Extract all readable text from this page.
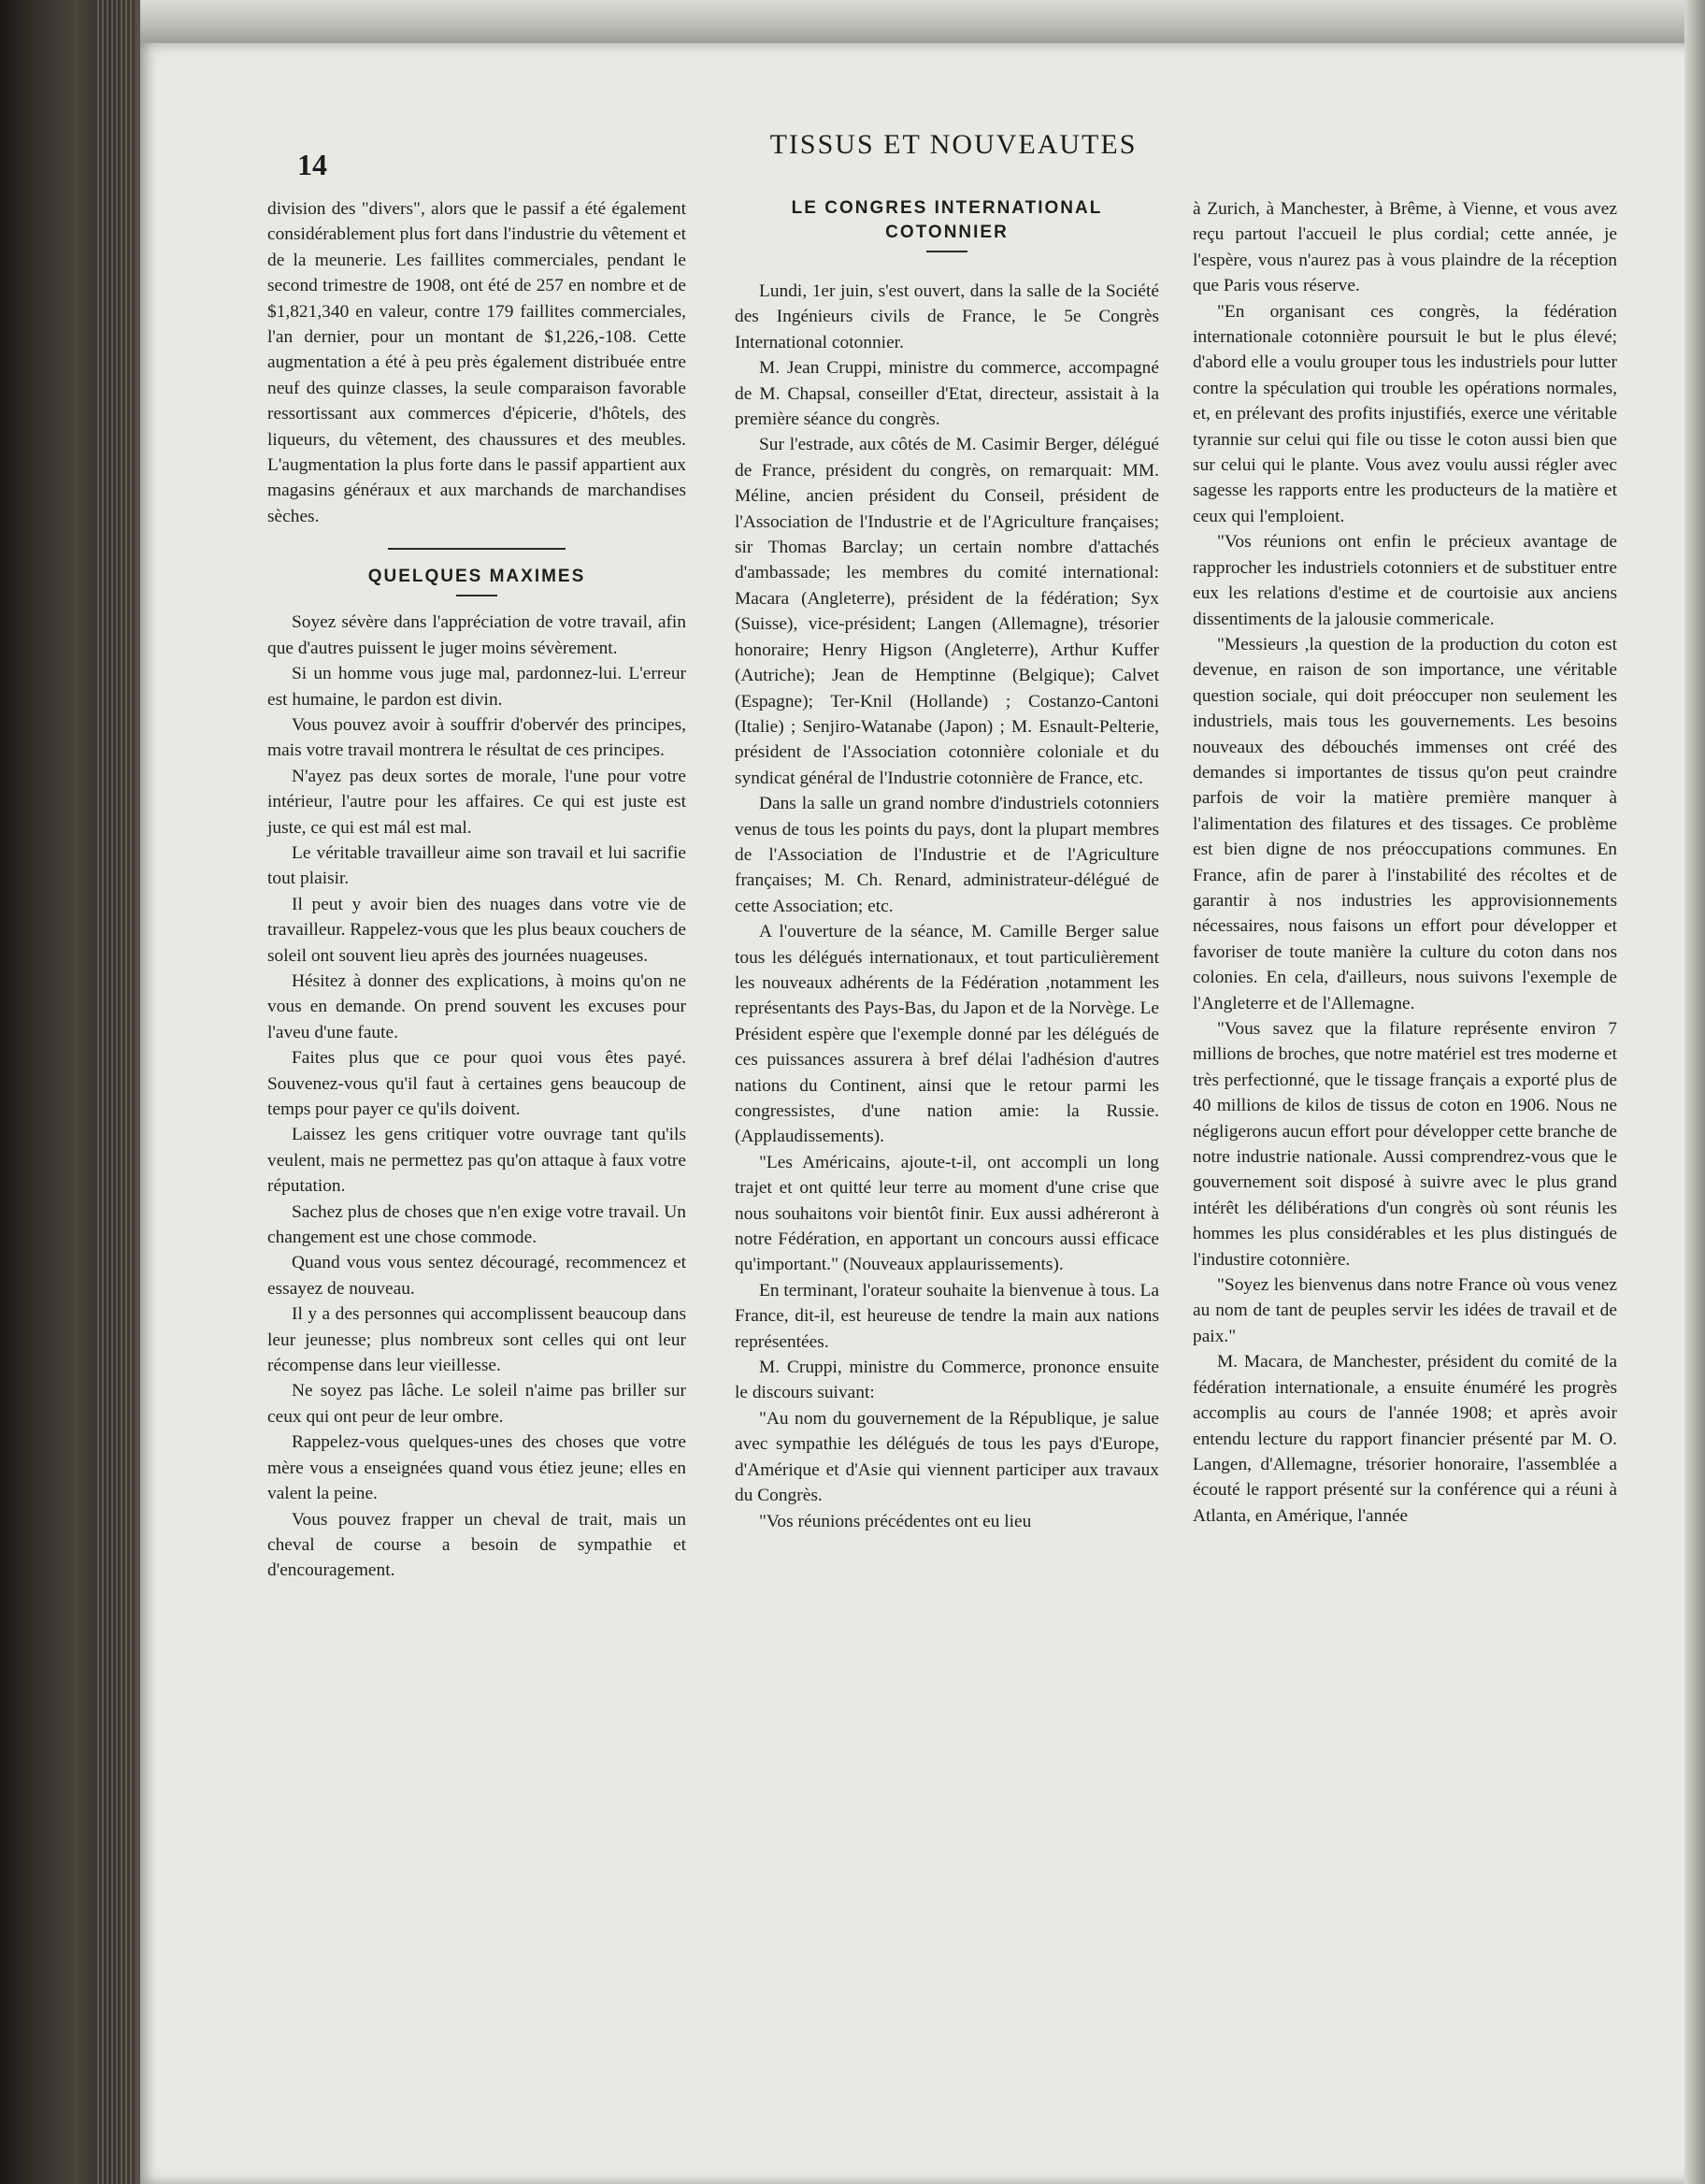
14
TISSUS ET NOUVEAUTES

division des "divers", alors que le passif a été également considérablement plus fort dans l'industrie du vêtement et de la meunerie. Les faillites commerciales, pendant le second trimestre de 1908, ont été de 257 en nombre et de $1,821,340 en valeur, contre 179 faillites commerciales, l'an dernier, pour un montant de $1,226,-108. Cette augmentation a été à peu près également distribuée entre neuf des quinze classes, la seule comparaison favorable ressortissant aux commerces d'épicerie, d'hôtels, des liqueurs, du vêtement, des chaussures et des meubles. L'augmentation la plus forte dans le passif appartient aux magasins généraux et aux marchands de marchandises sèches.

QUELQUES MAXIMES

Soyez sévère dans l'appréciation de votre travail, afin que d'autres puissent le juger moins sévèrement.

Si un homme vous juge mal, pardonnez-lui. L'erreur est humaine, le pardon est divin.

Vous pouvez avoir à souffrir d'obervér des principes, mais votre travail montrera le résultat de ces principes.

N'ayez pas deux sortes de morale, l'une pour votre intérieur, l'autre pour les affaires. Ce qui est juste est juste, ce qui est mál est mal.

Le véritable travailleur aime son travail et lui sacrifie tout plaisir.

Il peut y avoir bien des nuages dans votre vie de travailleur. Rappelez-vous que les plus beaux couchers de soleil ont souvent lieu après des journées nuageuses.

Hésitez à donner des explications, à moins qu'on ne vous en demande. On prend souvent les excuses pour l'aveu d'une faute.

Faites plus que ce pour quoi vous êtes payé. Souvenez-vous qu'il faut à certaines gens beaucoup de temps pour payer ce qu'ils doivent.

Laissez les gens critiquer votre ouvrage tant qu'ils veulent, mais ne permettez pas qu'on attaque à faux votre réputation.

Sachez plus de choses que n'en exige votre travail. Un changement est une chose commode.

Quand vous vous sentez découragé, recommencez et essayez de nouveau.

Il y a des personnes qui accomplissent beaucoup dans leur jeunesse; plus nombreux sont celles qui ont leur récompense dans leur vieillesse.

Ne soyez pas lâche. Le soleil n'aime pas briller sur ceux qui ont peur de leur ombre.

Rappelez-vous quelques-unes des choses que votre mère vous a enseignées quand vous étiez jeune; elles en valent la peine.

Vous pouvez frapper un cheval de trait, mais un cheval de course a besoin de sympathie et d'encouragement.

LE CONGRES INTERNATIONAL COTONNIER

Lundi, 1er juin, s'est ouvert, dans la salle de la Société des Ingénieurs civils de France, le 5e Congrès International cotonnier.

M. Jean Cruppi, ministre du commerce, accompagné de M. Chapsal, conseiller d'Etat, directeur, assistait à la première séance du congrès.

Sur l'estrade, aux côtés de M. Casimir Berger, délégué de France, président du congrès, on remarquait: MM. Méline, ancien président du Conseil, président de l'Association de l'Industrie et de l'Agriculture françaises; sir Thomas Barclay; un certain nombre d'attachés d'ambassade; les membres du comité international: Macara (Angleterre), président de la fédération; Syx (Suisse), vice-président; Langen (Allemagne), trésorier honoraire; Henry Higson (Angleterre), Arthur Kuffer (Autriche); Jean de Hemptinne (Belgique); Calvet (Espagne); Ter-Knil (Hollande) ; Costanzo-Cantoni (Italie) ; Senjiro-Watanabe (Japon) ; M. Esnault-Pelterie, président de l'Association cotonnière coloniale et du syndicat général de l'Industrie cotonnière de France, etc.

Dans la salle un grand nombre d'industriels cotonniers venus de tous les points du pays, dont la plupart membres de l'Association de l'Industrie et de l'Agriculture françaises; M. Ch. Renard, administrateur-délégué de cette Association; etc.

A l'ouverture de la séance, M. Camille Berger salue tous les délégués internationaux, et tout particulièrement les nouveaux adhérents de la Fédération ,notamment les représentants des Pays-Bas, du Japon et de la Norvège. Le Président espère que l'exemple donné par les délégués de ces puissances assurera à bref délai l'adhésion d'autres nations du Continent, ainsi que le retour parmi les congressistes, d'une nation amie: la Russie. (Applaudissements).

"Les Américains, ajoute-t-il, ont accompli un long trajet et ont quitté leur terre au moment d'une crise que nous souhaitons voir bientôt finir. Eux aussi adhéreront à notre Fédération, en apportant un concours aussi efficace qu'important." (Nouveaux applaurissements).

En terminant, l'orateur souhaite la bienvenue à tous. La France, dit-il, est heureuse de tendre la main aux nations représentées.

M. Cruppi, ministre du Commerce, prononce ensuite le discours suivant:

"Au nom du gouvernement de la République, je salue avec sympathie les délégués de tous les pays d'Europe, d'Amérique et d'Asie qui viennent participer aux travaux du Congrès.

"Vos réunions précédentes ont eu lieu

à Zurich, à Manchester, à Brême, à Vienne, et vous avez reçu partout l'accueil le plus cordial; cette année, je l'espère, vous n'aurez pas à vous plaindre de la réception que Paris vous réserve.

"En organisant ces congrès, la fédération internationale cotonnière poursuit le but le plus élevé; d'abord elle a voulu grouper tous les industriels pour lutter contre la spéculation qui trouble les opérations normales, et, en prélevant des profits injustifiés, exerce une véritable tyrannie sur celui qui file ou tisse le coton aussi bien que sur celui qui le plante. Vous avez voulu aussi régler avec sagesse les rapports entre les producteurs de la matière et ceux qui l'emploient.

"Vos réunions ont enfin le précieux avantage de rapprocher les industriels cotonniers et de substituer entre eux les relations d'estime et de courtoisie aux anciens dissentiments de la jalousie commericale.

"Messieurs ,la question de la production du coton est devenue, en raison de son importance, une véritable question sociale, qui doit préoccuper non seulement les industriels, mais tous les gouvernements. Les besoins nouveaux des débouchés immenses ont créé des demandes si importantes de tissus qu'on peut craindre parfois de voir la matière première manquer à l'alimentation des filatures et des tissages. Ce problème est bien digne de nos préoccupations communes. En France, afin de parer à l'instabilité des récoltes et de garantir à nos industries les approvisionnements nécessaires, nous faisons un effort pour développer et favoriser de toute manière la culture du coton dans nos colonies. En cela, d'ailleurs, nous suivons l'exemple de l'Angleterre et de l'Allemagne.

"Vous savez que la filature représente environ 7 millions de broches, que notre matériel est tres moderne et très perfectionné, que le tissage français a exporté plus de 40 millions de kilos de tissus de coton en 1906. Nous ne négligerons aucun effort pour développer cette branche de notre industrie nationale. Aussi comprendrez-vous que le gouvernement soit disposé à suivre avec le plus grand intérêt les délibérations d'un congrès où sont réunis les hommes les plus considérables et les plus distingués de l'industire cotonnière.

"Soyez les bienvenus dans notre France où vous venez au nom de tant de peuples servir les idées de travail et de paix."

M. Macara, de Manchester, président du comité de la fédération internationale, a ensuite énuméré les progrès accomplis au cours de l'année 1908; et après avoir entendu lecture du rapport financier présenté par M. O. Langen, d'Allemagne, trésorier honoraire, l'assemblée a écouté le rapport présenté sur la conférence qui a réuni à Atlanta, en Amérique, l'année
